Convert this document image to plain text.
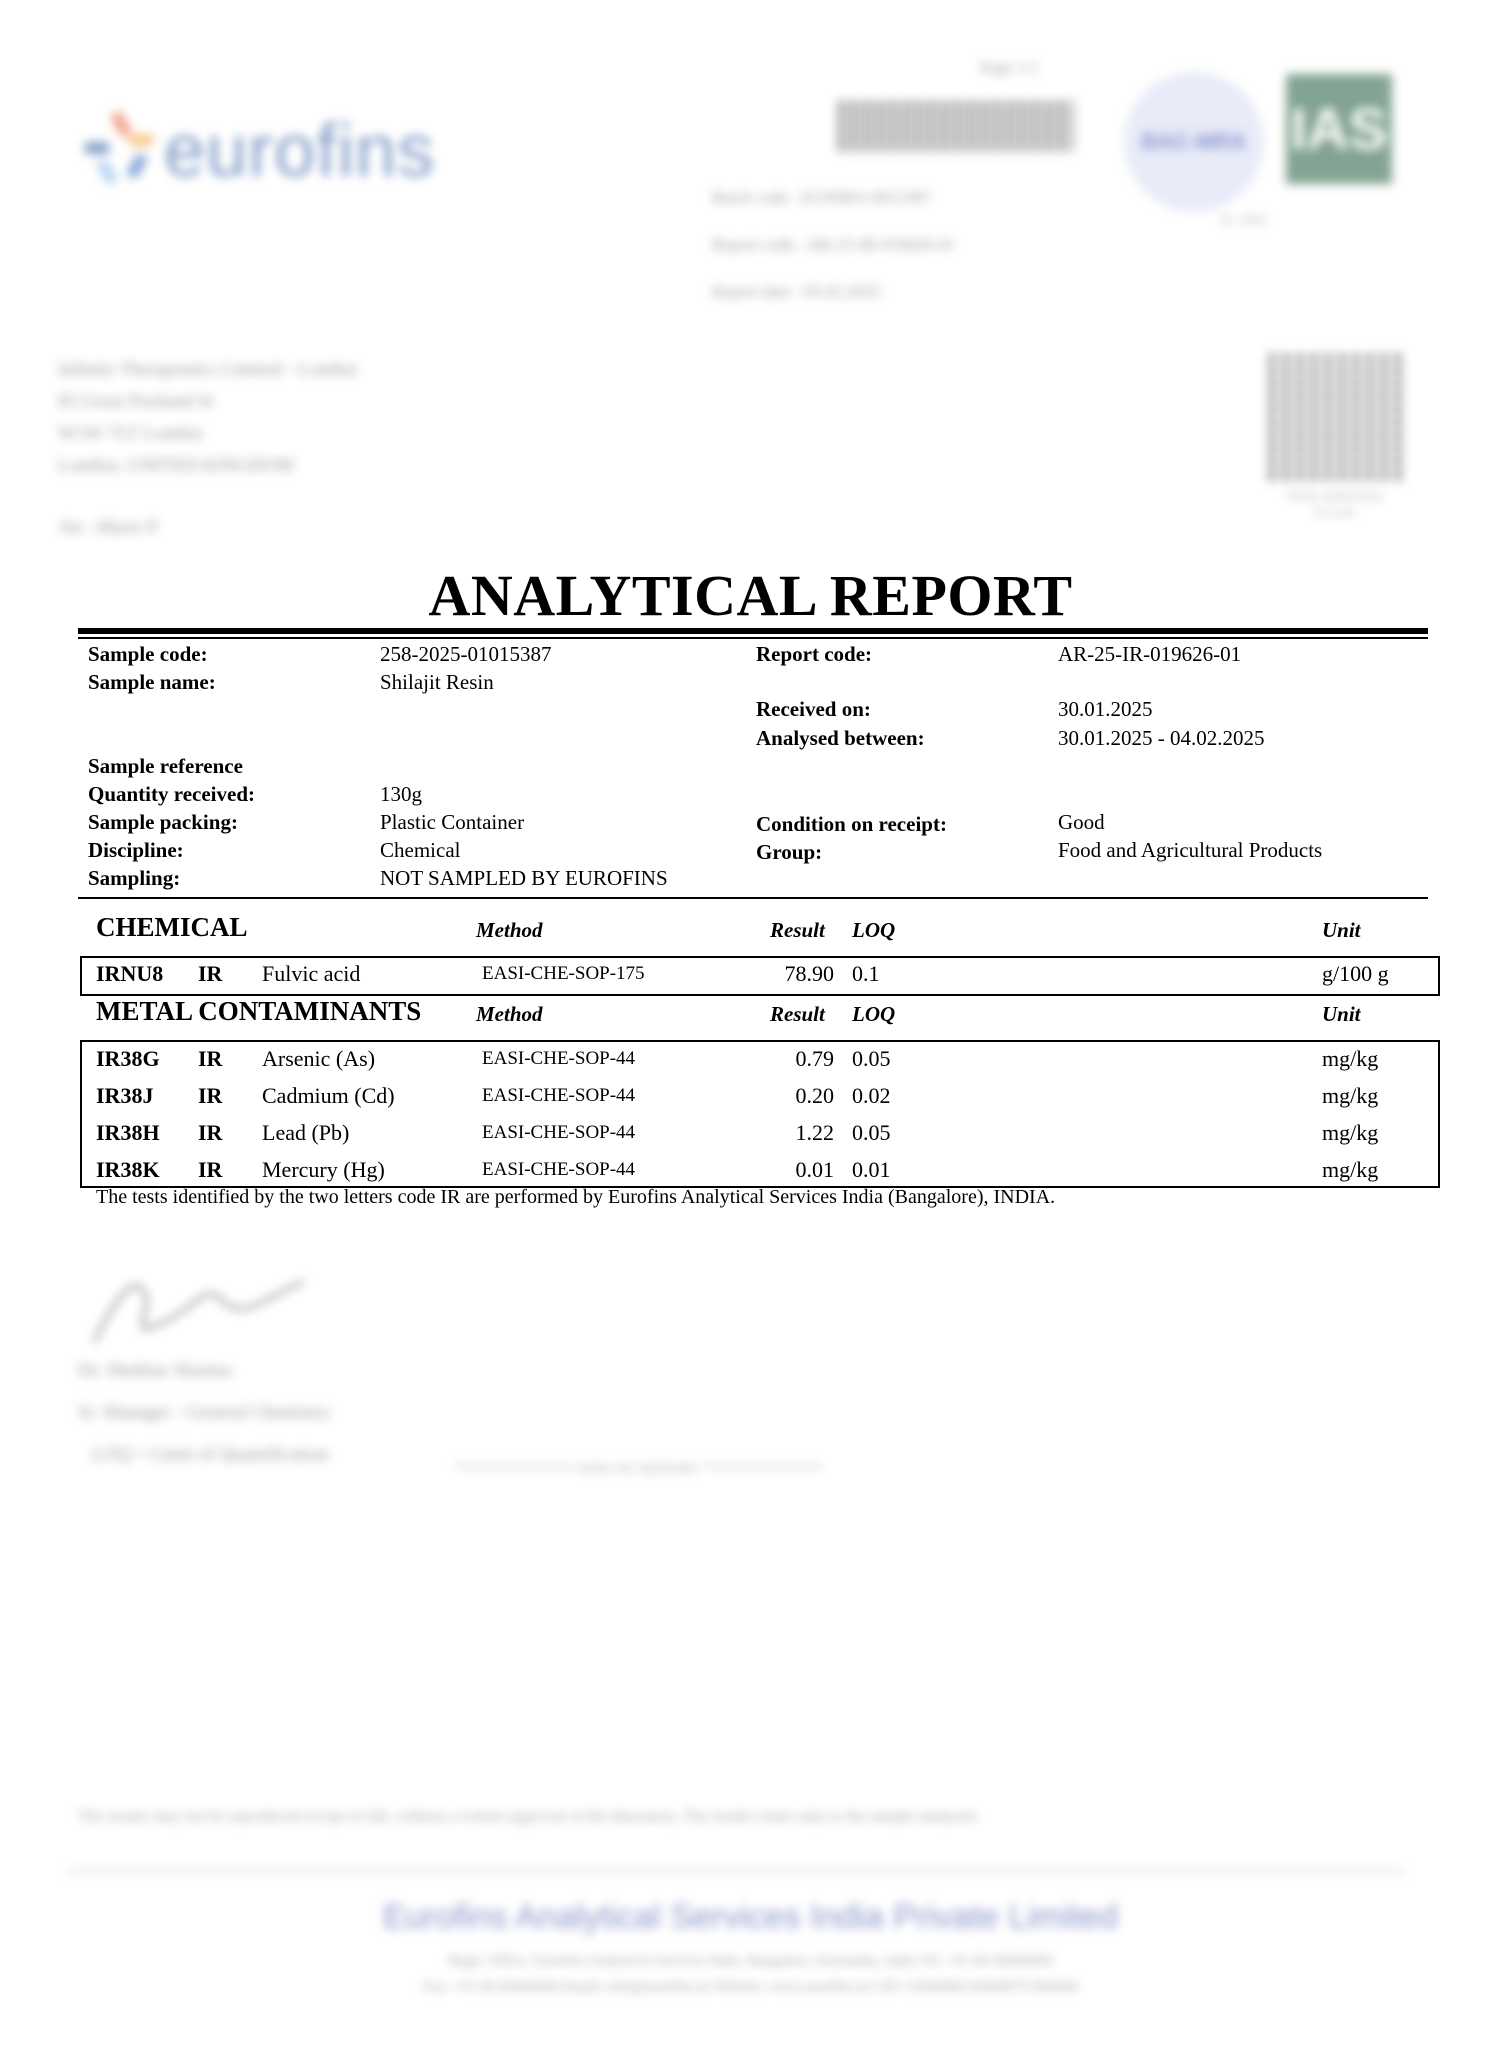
eurofins
Page 1/1
Batch code : EUINBA-0015387
Report code : AR-25-IR-019626-01
Report date : 05.02.2025
BAC-MRA IAS
TL-1063
Infinity Therapeutics Limited - London
85 Great Portland St
W1W 7LT London
London, UNITED KINGDOM
Att : Marie P
Verify authenticity
by scan
ANALYTICAL REPORT
Sample code:	258-2025-01015387
Sample name:	Shilajit Resin
Report code:	AR-25-IR-019626-01
Received on:	30.01.2025
Analysed between:	30.01.2025 - 04.02.2025
Sample reference
Quantity received:	130g
Sample packing:	Plastic Container
Discipline:	Chemical
Sampling:	NOT SAMPLED BY EUROFINS
Condition on receipt:	Good
Group:	Food and Agricultural Products
CHEMICAL	Method	Result LOQ	Unit
IRNU8 IR Fulvic acid	EASI-CHE-SOP-175	78.90 0.1	g/100 g
METAL CONTAMINANTS	Method	Result LOQ	Unit
IR38G IR Arsenic (As)	EASI-CHE-SOP-44	0.79 0.05	mg/kg
IR38J IR Cadmium (Cd)	EASI-CHE-SOP-44	0.20 0.02	mg/kg
IR38H IR Lead (Pb)	EASI-CHE-SOP-44	1.22 0.05	mg/kg
IR38K IR Mercury (Hg)	EASI-CHE-SOP-44	0.01 0.01	mg/kg
The tests identified by the two letters code IR are performed by Eurofins Analytical Services India (Bangalore), INDIA.
Dr. Shekhar Sharma
Sr. Manager - General Chemistry
LOQ = Limit of Quantification
*************** END OF REPORT ***************
The results may not be reproduced except in full, without a written approval of the laboratory. The results relate only to the sample analysed.
Eurofins Analytical Services India Private Limited
Regd. Office: Eurofins Analytical Services India, Bangalore, Karnataka, India Tel: +91 80 00000000
Fax: +91 80 00000000 Email: info@eurofins.in Website: www.eurofins.in CIN: U00000KA0000PTC000000
